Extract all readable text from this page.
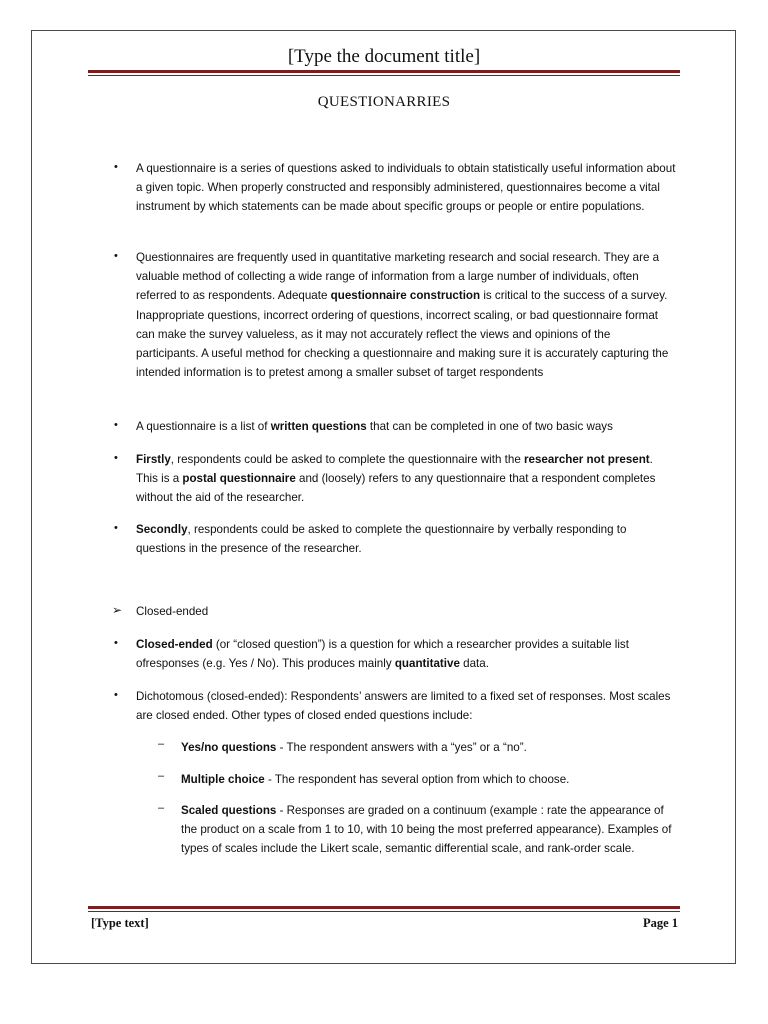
[Type the document title]
QUESTIONARRIES
• A questionnaire is a series of questions asked to individuals to obtain statistically useful information about a given topic. When properly constructed and responsibly administered, questionnaires become a vital instrument by which statements can be made about specific groups or people or entire populations.
• Questionnaires are frequently used in quantitative marketing research and social research. They are a valuable method of collecting a wide range of information from a large number of individuals, often referred to as respondents. Adequate questionnaire construction is critical to the success of a survey. Inappropriate questions, incorrect ordering of questions, incorrect scaling, or bad questionnaire format can make the survey valueless, as it may not accurately reflect the views and opinions of the participants. A useful method for checking a questionnaire and making sure it is accurately capturing the intended information is to pretest among a smaller subset of target respondents
• A questionnaire is a list of written questions that can be completed in one of two basic ways
• Firstly, respondents could be asked to complete the questionnaire with the researcher not present. This is a postal questionnaire and (loosely) refers to any questionnaire that a respondent completes without the aid of the researcher.
• Secondly, respondents could be asked to complete the questionnaire by verbally responding to questions in the presence of the researcher.
➢ Closed-ended
• Closed-ended (or “closed question”) is a question for which a researcher provides a suitable list ofresponses (e.g. Yes / No). This produces mainly quantitative data.
• Dichotomous (closed-ended): Respondents’ answers are limited to a fixed set of responses. Most scales are closed ended. Other types of closed ended questions include:
– Yes/no questions - The respondent answers with a “yes” or a “no”.
– Multiple choice - The respondent has several option from which to choose.
– Scaled questions - Responses are graded on a continuum (example : rate the appearance of the product on a scale from 1 to 10, with 10 being the most preferred appearance). Examples of types of scales include the Likert scale, semantic differential scale, and rank-order scale.
[Type text]	Page 1
